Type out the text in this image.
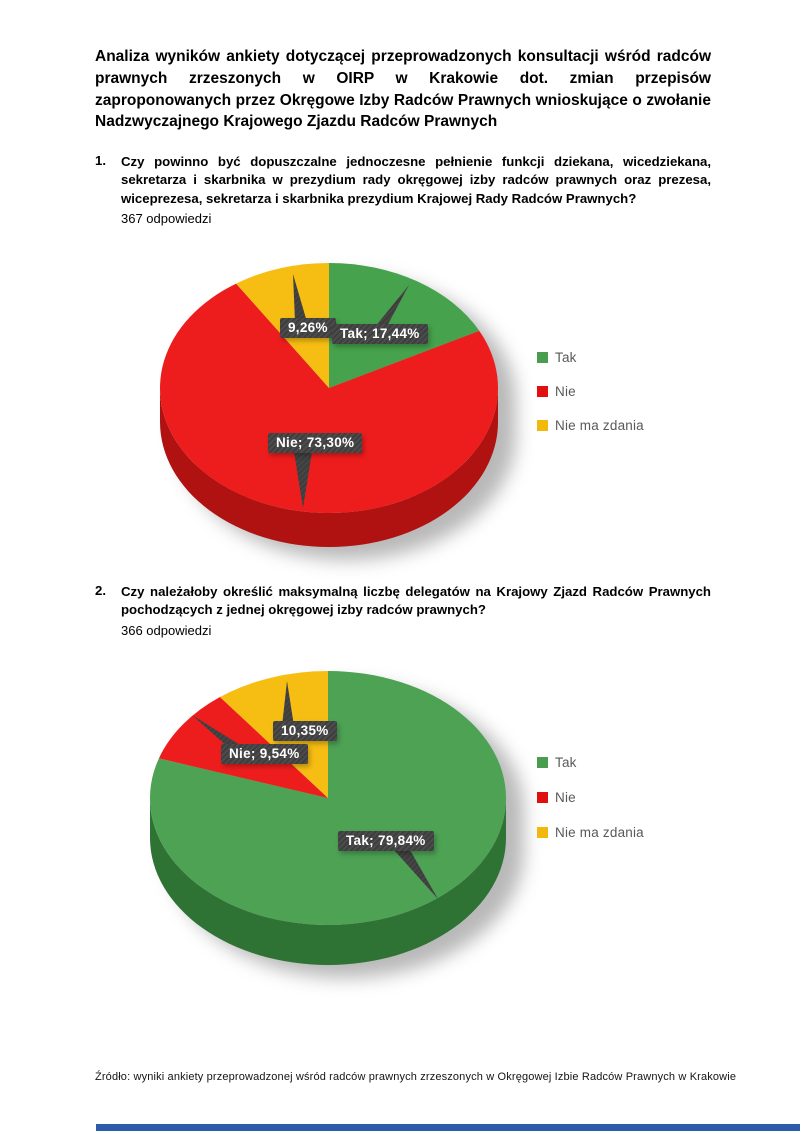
Analiza wyników ankiety dotyczącej przeprowadzonych konsultacji wśród radców prawnych zrzeszonych w OIRP w Krakowie dot. zmian przepisów zaproponowanych przez Okręgowe Izby Radców Prawnych wnioskujące o zwołanie Nadzwyczajnego Krajowego Zjazdu Radców Prawnych
1. Czy powinno być dopuszczalne jednoczesne pełnienie funkcji dziekana, wicedziekana, sekretarza i skarbnika w prezydium rady okręgowej izby radców prawnych oraz prezesa, wiceprezesa, sekretarza i skarbnika prezydium Krajowej Rady Radców Prawnych?
367 odpowiedzi
9,26% Tak; 17,44%
Nie; 73,30%
Tak
Nie
Nie ma zdania
2. Czy należałoby określić maksymalną liczbę delegatów na Krajowy Zjazd Radców Prawnych pochodzących z jednej okręgowej izby radców prawnych?
366 odpowiedzi
10,35%
Nie; 9,54%
Tak; 79,84%
Tak
Nie
Nie ma zdania
Źródło: wyniki ankiety przeprowadzonej wśród radców prawnych zrzeszonych w Okręgowej Izbie Radców Prawnych w Krakowie
